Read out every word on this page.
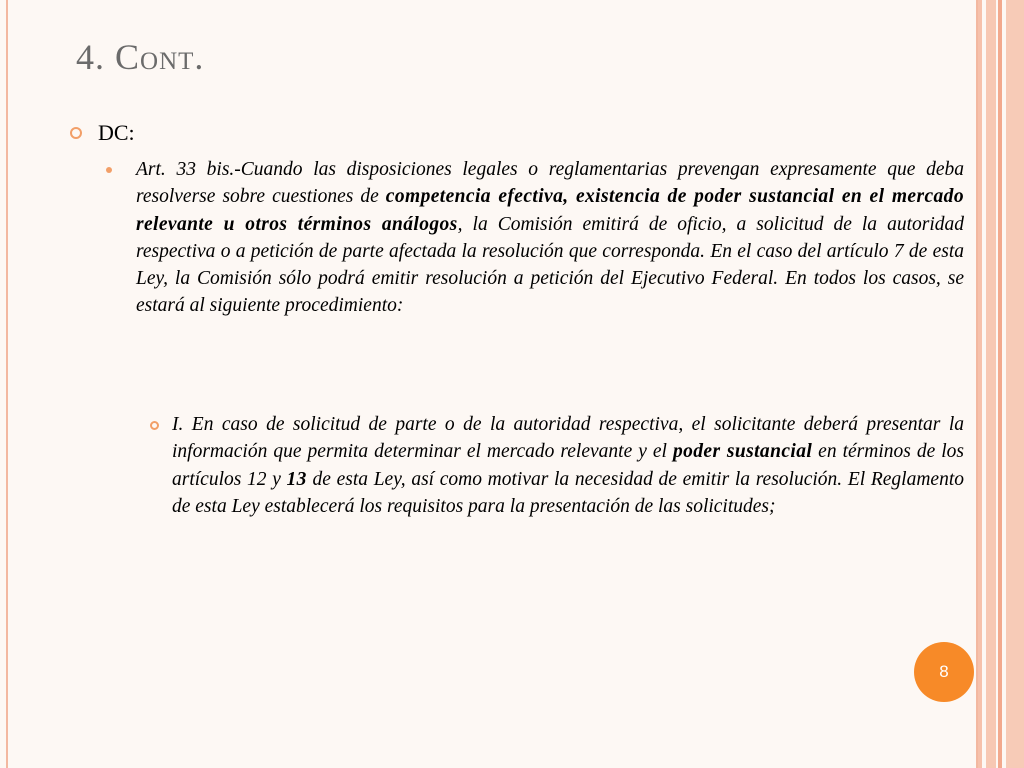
4. Cont.
DC:

Art. 33 bis.-Cuando las disposiciones legales o reglamentarias prevengan expresamente que deba resolverse sobre cuestiones de competencia efectiva, existencia de poder sustancial en el mercado relevante u otros términos análogos, la Comisión emitirá de oficio, a solicitud de la autoridad respectiva o a petición de parte afectada la resolución que corresponda. En el caso del artículo 7 de esta Ley, la Comisión sólo podrá emitir resolución a petición del Ejecutivo Federal. En todos los casos, se estará al siguiente procedimiento:

I. En caso de solicitud de parte o de la autoridad respectiva, el solicitante deberá presentar la información que permita determinar el mercado relevante y el poder sustancial en términos de los artículos 12 y 13 de esta Ley, así como motivar la necesidad de emitir la resolución. El Reglamento de esta Ley establecerá los requisitos para la presentación de las solicitudes;

8
